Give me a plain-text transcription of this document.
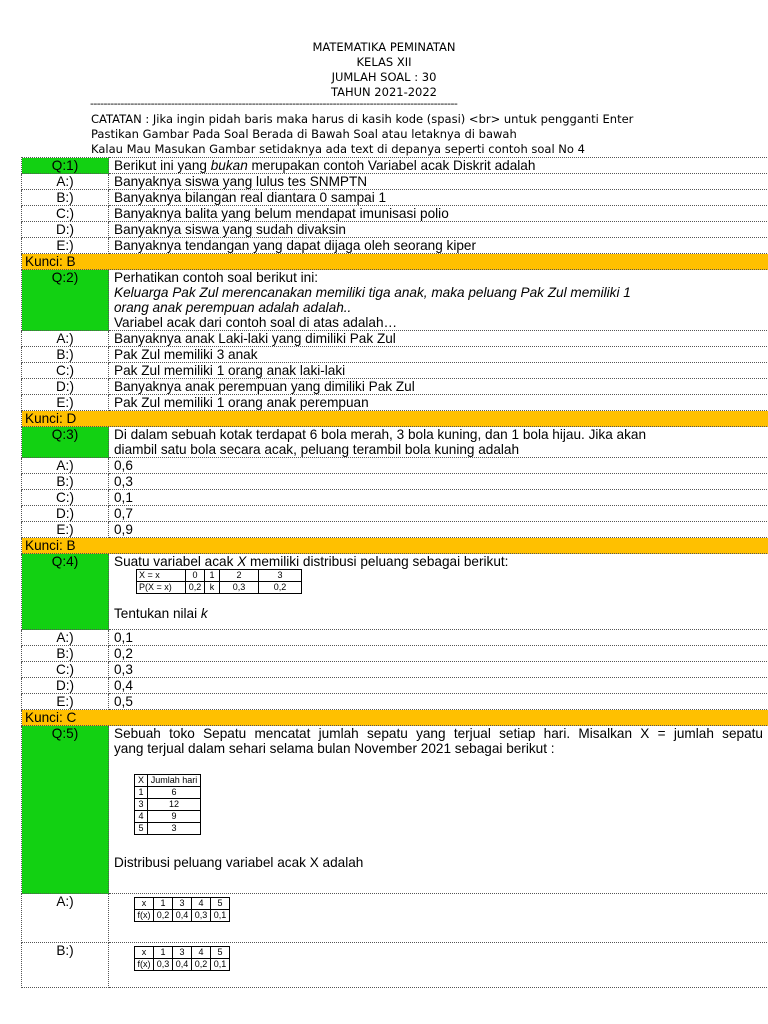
MATEMATIKA PEMINATAN
KELAS XII
JUMLAH SOAL : 30
TAHUN 2021-2022
-------------------------------------------------------------------------------------------------------------
CATATAN : Jika ingin pidah baris maka harus di kasih kode (spasi) <br> untuk pengganti Enter
Pastikan Gambar Pada Soal Berada di Bawah Soal atau letaknya di bawah
Kalau Mau Masukan Gambar setidaknya ada text di depanya seperti contoh soal No 4
Q:1)	Berikut ini yang bukan merupakan contoh Variabel acak Diskrit adalah
A:)	Banyaknya siswa yang lulus tes SNMPTN
B:)	Banyaknya bilangan real diantara 0 sampai 1
C:)	Banyaknya balita yang belum mendapat imunisasi polio
D:)	Banyaknya siswa yang sudah divaksin
E:)	Banyaknya tendangan yang dapat dijaga oleh seorang kiper
Kunci: B
Q:2)	Perhatikan contoh soal berikut ini:
Keluarga Pak Zul merencanakan memiliki tiga anak, maka peluang Pak Zul memiliki 1
orang anak perempuan adalah adalah..
Variabel acak dari contoh soal di atas adalah…

A:)	Banyaknya anak Laki-laki yang dimiliki Pak Zul
B:)	Pak Zul memiliki 3 anak
C:)	Pak Zul memiliki 1 orang anak laki-laki
D:)	Banyaknya anak perempuan yang dimiliki Pak Zul
E:)	Pak Zul memiliki 1 orang anak perempuan
Kunci: D
Q:3)	Di dalam sebuah kotak terdapat 6 bola merah, 3 bola kuning, dan 1 bola hijau. Jika akan
diambil satu bola secara acak, peluang terambil bola kuning adalah

A:)	0,6
B:)	0,3
C:)	0,1
D:)	0,7
E:)	0,9
Kunci: B
Q:4)	Suatu variabel acak X memiliki distribusi peluang sebagai berikut:
X = x	0	1	2	3
P(X = x)	0,2	k	0,3	0,2
Tentukan nilai k

A:)	0,1
B:)	0,2
C:)	0,3
D:)	0,4
E:)	0,5
Kunci: C
Q:5)	Sebuah toko Sepatu mencatat jumlah sepatu yang terjual setiap hari. Misalkan X = jumlah sepatu
yang terjual dalam sehari selama bulan November 2021 sebagai berikut :
X	Jumlah hari
1	6
3	12
4	9
5	3
Distribusi peluang variabel acak X adalah

A:)		x	1	3	4	5
f(x)	0,2	0,4	0,3	0,1

B:)		x	1	3	4	5
f(x)	0,3	0,4	0,2	0,1
